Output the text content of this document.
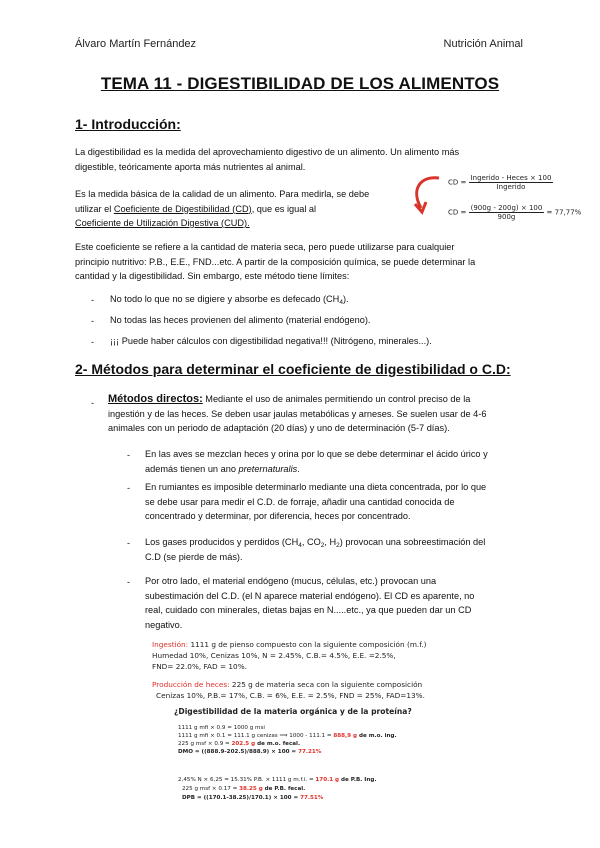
Álvaro Martín Fernández	Nutrición Animal
TEMA 11 - DIGESTIBILIDAD DE LOS ALIMENTOS
1- Introducción:
La digestibilidad es la medida del aprovechamiento digestivo de un alimento. Un alimento más
digestible, teóricamente aporta más nutrientes al animal.
Es la medida básica de la calidad de un alimento. Para medirla, se debe
utilizar el Coeficiente de Digestibilidad (CD), que es igual al
Coeficiente de Utilización Digestiva (CUD).
CD =
Ingerido - Heces × 100
Ingerido
CD = $\frac{(900g - 200g) \times 100}{900g} = 77,77\%$
Este coeficiente se refiere a la cantidad de materia seca, pero puede utilizarse para cualquier
principio nutritivo: P.B., E.E., FND...etc. A partir de la composición química, se puede determinar la
cantidad y la digestibilidad. Sin embargo, este método tiene límites:
- No todo lo que no se digiere y absorbe es defecado $(CH_4)$.
- No todas las heces provienen del alimento (material endógeno).
- ¡¡¡ Puede haber cálculos con digestibilidad negativa!!! (Nitrógeno, minerales...).
2- Métodos para determinar el coeficiente de digestibilidad o C.D:
- Métodos directos: Mediante el uso de animales permitiendo un control preciso de la
ingestión y de las heces. Se deben usar jaulas metabólicas y arneses. Se suelen usar de 4-6
animales con un periodo de adaptación (20 días) y uno de determinación (5-7 días).
- En las aves se mezclan heces y orina por lo que se debe determinar el ácido úrico y
además tienen un ano preternaturalis.
- En rumiantes es imposible determinarlo mediante una dieta concentrada, por lo que
se debe usar para medir el C.D. de forraje, añadir una cantidad conocida de
concentrado y determinar, por diferencia, heces por concentrado.
- Los gases producidos y perdidos ($CH_4$, $CO_2$, $H_2$) provocan una sobreestimación del
C.D (se pierde de más).
- Por otro lado, el material endógeno (mucus, células, etc.) provocan una
subestimación del C.D. (el N aparece material endógeno). El CD es aparente, no
real, cuidado con minerales, dietas bajas en N.....etc., ya que pueden dar un CD
negativo.
Ingestión: 1111 g de pienso compuesto con la siguiente composición (m.f.)
Humedad 10%, Cenizas 10%, N = 2.45%, C.B.= 4.5%, E.E. =2.5%,
FND= 22.0%, FAD = 10%.
Producción de heces: 225 g de materia seca con la siguiente composición
Cenizas 10%, P.B.= 17%, C.B. = 6%, E.E. = 2.5%, FND = 25%, FAD=13%.
¿Digestibilidad de la materia orgánica y de la proteína?
1111 g mfi × 0.9 = 1000 g msi
1111 g mfi × 0.1 = 111.1 g cenizas ⟹ 1000 - 111.1 = 888,9 g de m.o. ing.
225 g msf × 0.9 = 202.5 g de m.o. fecal.
DMO = ((888.9-202.5)/888.9) × 100 = 77.21%
2,45% N × 6,25 = 15.31% P.B. × 1111 g m.f.i. = 170.1 g de P.B. Ing.
225 g msf × 0.17 = 38.25 g de P.B. fecal.
DPB = ((170.1-38.25)/170.1) × 100 = 77.51%
